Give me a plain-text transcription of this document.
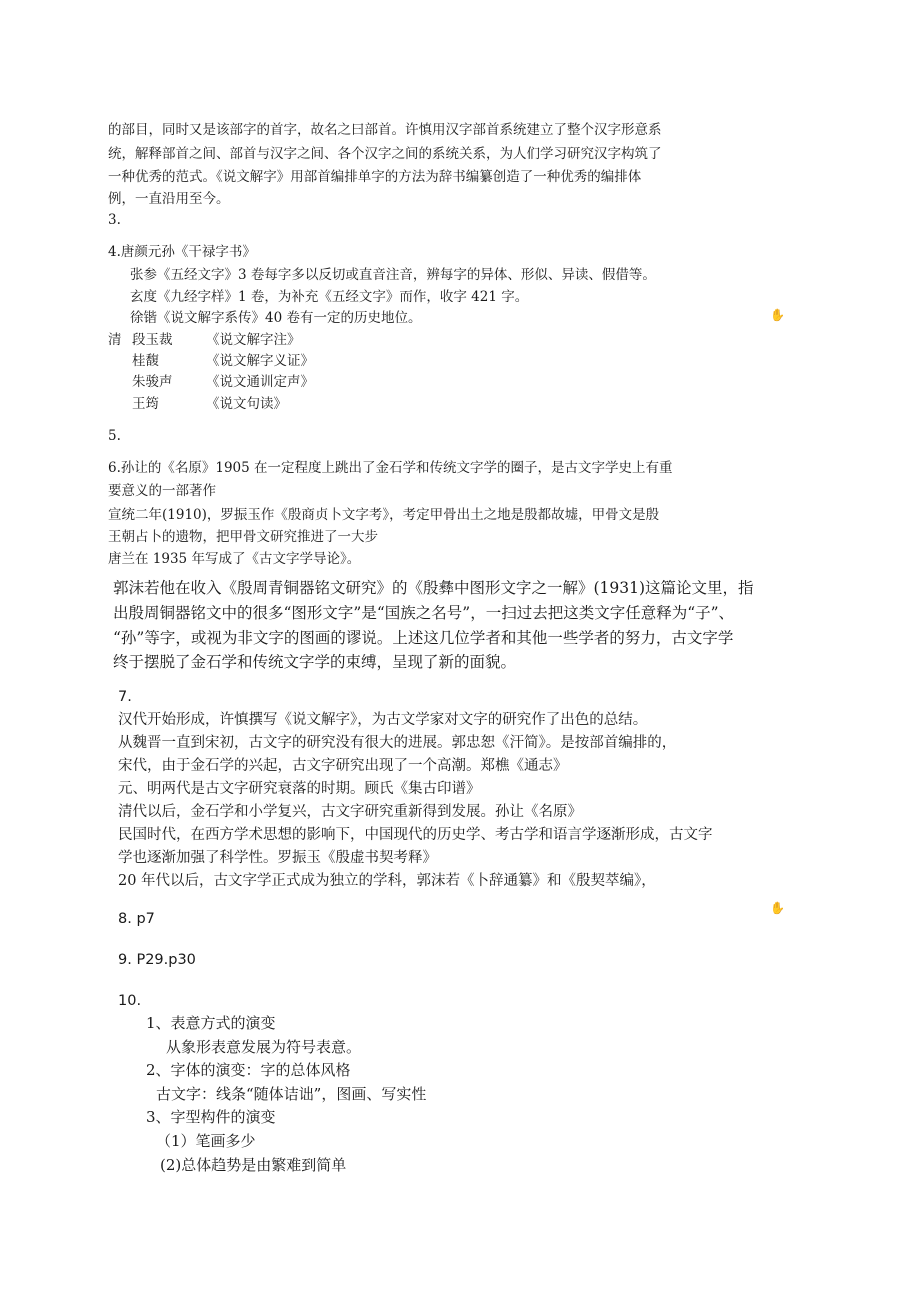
的部目，同时又是该部字的首字，故名之曰部首。许慎用汉字部首系统建立了整个汉字形意系
统，解释部首之间、部首与汉字之间、各个汉字之间的系统关系，为人们学习研究汉字构筑了
一种优秀的范式。《说文解字》用部首编排单字的方法为辞书编纂创造了一种优秀的编排体
例，一直沿用至今。
3.
4.唐颜元孙《干禄字书》
张参《五经文字》3 卷每字多以反切或直音注音，辨每字的异体、形似、异读、假借等。
玄度《九经字样》1 卷，为补充《五经文字》而作，收字 421 字。
徐锴《说文解字系传》40 卷有一定的历史地位。	✋
清 段玉裁 《说文解字注》
桂馥	《说文解字义证》
朱骏声 《说文通训定声》
王筠	《说文句读》
5.
6.孙让的《名原》1905 在一定程度上跳出了金石学和传统文字学的圈子，是古文字学史上有重
要意义的一部著作
宣统二年(1910)，罗振玉作《殷商贞卜文字考》，考定甲骨出土之地是殷都故墟，甲骨文是殷
王朝占卜的遗物，把甲骨文研究推进了一大步
唐兰在 1935 年写成了《古文字学导论》。
郭沫若他在收入《殷周青铜器铭文研究》的《殷彝中图形文字之一解》(1931)这篇论文里，指
出殷周铜器铭文中的很多“图形文字”是“国族之名号”，一扫过去把这类文字任意释为“子”、
“孙”等字，或视为非文字的图画的谬说。上述这几位学者和其他一些学者的努力，古文字学
终于摆脱了金石学和传统文字学的束缚，呈现了新的面貌。
7.
汉代开始形成，许慎撰写《说文解字》，为古文学家对文字的研究作了出色的总结。
从魏晋一直到宋初，古文字的研究没有很大的进展。郭忠恕《汗简》。是按部首编排的，
宋代，由于金石学的兴起，古文字研究出现了一个高潮。郑樵《通志》
元、明两代是古文字研究衰落的时期。顾氏《集古印谱》
清代以后，金石学和小学复兴，古文字研究重新得到发展。孙让《名原》
民国时代，在西方学术思想的影响下，中国现代的历史学、考古学和语言学逐渐形成，古文字
学也逐渐加强了科学性。罗振玉《殷虚书契考释》
20 年代以后，古文字学正式成为独立的学科，郭沫若《卜辞通纂》和《殷契萃编》，
✋
8. p7
9. P29.p30
10.
1、表意方式的演变
从象形表意发展为符号表意。
2、字体的演变：字的总体风格
古文字：线条“随体诘诎”，图画、写实性
3、字型构件的演变
（1）笔画多少
(2)总体趋势是由繁难到简单
